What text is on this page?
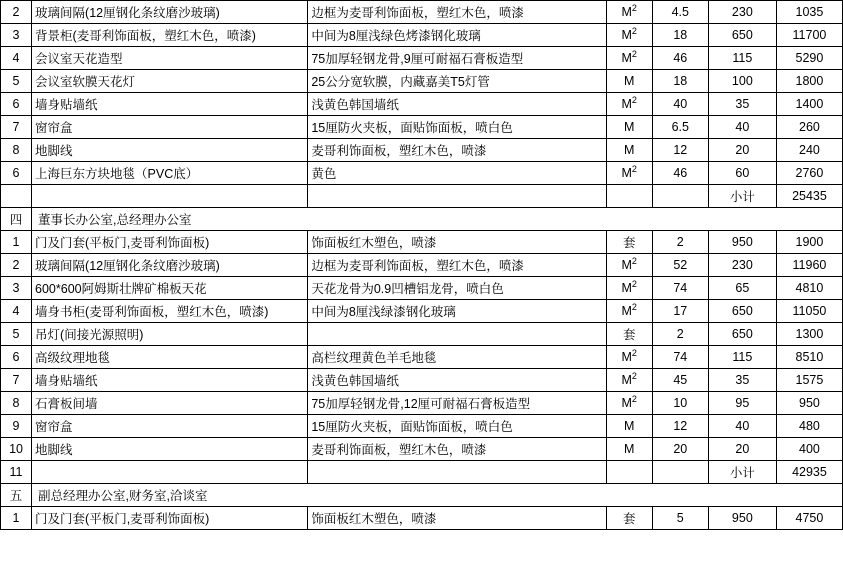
2	玻璃间隔(12厘钢化条纹磨沙玻璃)	边框为麦哥利饰面板，塑红木色，喷漆	$M^2$	4.5	230	1035
3	背景柜(麦哥利饰面板，塑红木色，喷漆)	中间为8厘浅绿色烤漆钢化玻璃	$M^2$	18	650	11700
4	会议室天花造型	75加厚轻钢龙骨,9厘可耐福石膏板造型	$M^2$	46	115	5290
5	会议室软膜天花灯	25公分宽软膜，内藏嘉美T5灯管	M	18	100	1800
6	墙身贴墙纸	浅黄色韩国墙纸	$M^2$	40	35	1400
7	窗帘盒	15厘防火夹板，面贴饰面板，喷白色	M	6.5	40	260
8	地脚线	麦哥利饰面板，塑红木色，喷漆	M	12	20	240
6	上海巨东方块地毯（PVC底）	黄色	$M^2$	46	60	2760
					小计	25435
四	董事长办公室,总经理办公室					
1	门及门套(平板门,麦哥利饰面板)	饰面板红木塑色，喷漆	套	2	950	1900
2	玻璃间隔(12厘钢化条纹磨沙玻璃)	边框为麦哥利饰面板，塑红木色，喷漆	$M^2$	52	230	11960
3	600*600阿姆斯壮牌矿棉板天花	天花龙骨为0.9凹槽铝龙骨，喷白色	$M^2$	74	65	4810
4	墙身书柜(麦哥利饰面板，塑红木色，喷漆)	中间为8厘浅绿漆钢化玻璃	$M^2$	17	650	11050
5	吊灯(间接光源照明)		套	2	650	1300
6	高级纹理地毯	高栏纹理黄色羊毛地毯	$M^2$	74	115	8510
7	墙身贴墙纸	浅黄色韩国墙纸	$M^2$	45	35	1575
8	石膏板间墙	75加厚轻钢龙骨,12厘可耐福石膏板造型	$M^2$	10	95	950
9	窗帘盒	15厘防火夹板，面贴饰面板，喷白色	M	12	40	480
10	地脚线	麦哥利饰面板，塑红木色，喷漆	M	20	20	400
11					小计	42935
五	副总经理办公室,财务室,洽谈室					
1	门及门套(平板门,麦哥利饰面板)	饰面板红木塑色，喷漆	套	5	950	4750
